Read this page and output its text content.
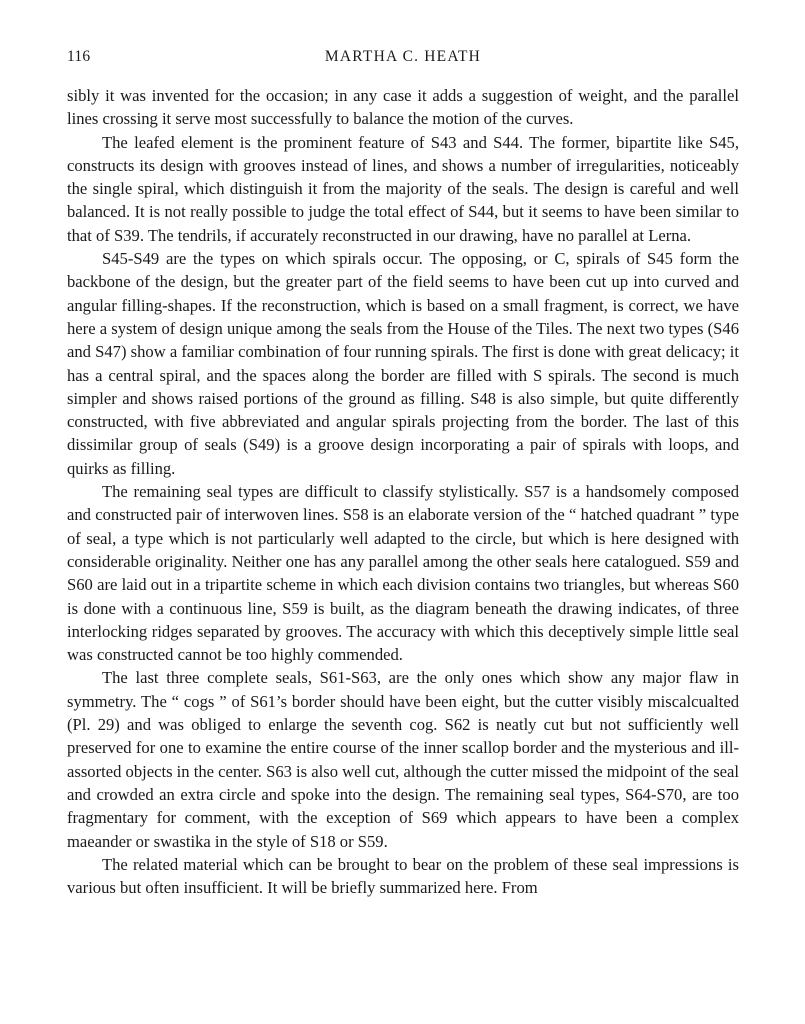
116	MARTHA C. HEATH

sibly it was invented for the occasion; in any case it adds a suggestion of weight, and the parallel lines crossing it serve most successfully to balance the motion of the curves.

The leafed element is the prominent feature of S43 and S44. The former, bipartite like S45, constructs its design with grooves instead of lines, and shows a number of irregularities, noticeably the single spiral, which distinguish it from the majority of the seals. The design is careful and well balanced. It is not really possible to judge the total effect of S44, but it seems to have been similar to that of S39. The tendrils, if accurately reconstructed in our drawing, have no parallel at Lerna.

S45-S49 are the types on which spirals occur. The opposing, or C, spirals of S45 form the backbone of the design, but the greater part of the field seems to have been cut up into curved and angular filling-shapes. If the reconstruction, which is based on a small fragment, is correct, we have here a system of design unique among the seals from the House of the Tiles. The next two types (S46 and S47) show a familiar combination of four running spirals. The first is done with great delicacy; it has a central spiral, and the spaces along the border are filled with S spirals. The second is much simpler and shows raised portions of the ground as filling. S48 is also simple, but quite differently constructed, with five abbreviated and angular spirals projecting from the border. The last of this dissimilar group of seals (S49) is a groove design incorporating a pair of spirals with loops, and quirks as filling.

The remaining seal types are difficult to classify stylistically. S57 is a handsomely composed and constructed pair of interwoven lines. S58 is an elaborate version of the “ hatched quadrant ” type of seal, a type which is not particularly well adapted to the circle, but which is here designed with considerable originality. Neither one has any parallel among the other seals here catalogued. S59 and S60 are laid out in a tripartite scheme in which each division contains two triangles, but whereas S60 is done with a continuous line, S59 is built, as the diagram beneath the drawing indicates, of three interlocking ridges separated by grooves. The accuracy with which this deceptively simple little seal was constructed cannot be too highly commended.

The last three complete seals, S61-S63, are the only ones which show any major flaw in symmetry. The “ cogs ” of S61’s border should have been eight, but the cutter visibly miscalcualted (Pl. 29) and was obliged to enlarge the seventh cog. S62 is neatly cut but not sufficiently well preserved for one to examine the entire course of the inner scallop border and the mysterious and ill-assorted objects in the center. S63 is also well cut, although the cutter missed the midpoint of the seal and crowded an extra circle and spoke into the design. The remaining seal types, S64-S70, are too fragmentary for comment, with the exception of S69 which appears to have been a complex maeander or swastika in the style of S18 or S59.

The related material which can be brought to bear on the problem of these seal impressions is various but often insufficient. It will be briefly summarized here. From
